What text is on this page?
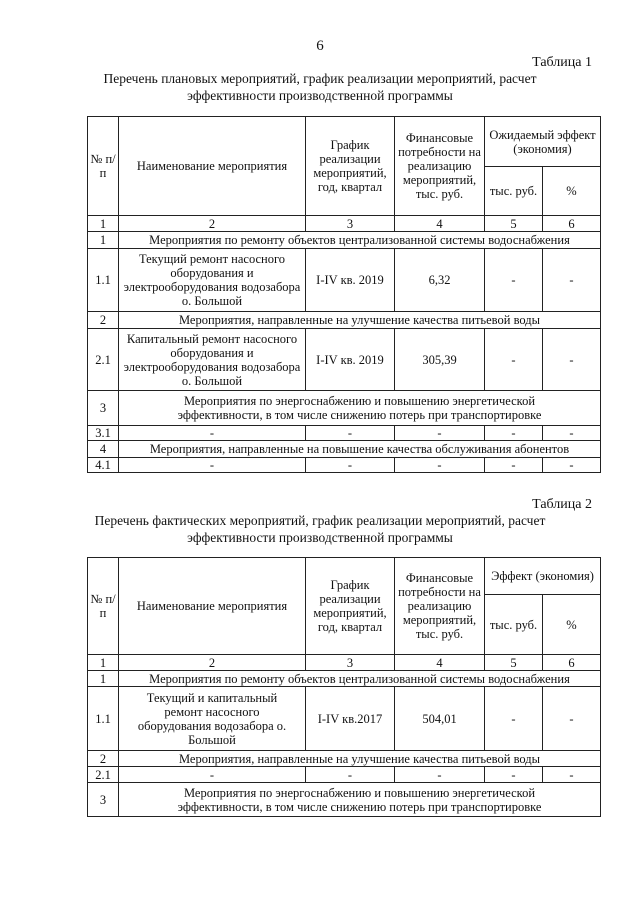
6
Таблица 1
Перечень плановых мероприятий, график реализации мероприятий, расчет эффективности производственной программы
№ п/ п	Наименование мероприятия	График реализации мероприятий, год, квартал	Финансовые потребности на реализацию мероприятий, тыс. руб.	Ожидаемый эффект (экономия)	
				тыс. руб.	%
1	2	3	4	5	6
1	Мероприятия по ремонту объектов централизованной системы водоснабжения				
1.1	Текущий ремонт насосного оборудования и электрооборудования водозабора о. Большой	I-IV кв. 2019	6,32	-	-
2	Мероприятия, направленные на улучшение качества питьевой воды				
2.1	Капитальный ремонт насосного оборудования и электрооборудования водозабора о. Большой	I-IV кв. 2019	305,39	-	-
3	Мероприятия по энергоснабжению и повышению энергетической эффективности, в том числе снижению потерь при транспортировке				
3.1	-	-	-	-	-
4	Мероприятия, направленные на повышение качества обслуживания абонентов				
4.1	-	-	-	-	-
Таблица 2
Перечень фактических мероприятий, график реализации мероприятий, расчет эффективности производственной программы
№ п/ п	Наименование мероприятия	График реализации мероприятий, год, квартал	Финансовые потребности на реализацию мероприятий, тыс. руб.	Эффект (экономия)	
				тыс. руб.	%
1	2	3	4	5	6
1	Мероприятия по ремонту объектов централизованной системы водоснабжения				
1.1	Текущий и капитальный ремонт насосного оборудования водозабора о. Большой	I-IV кв.2017	504,01	-	-
2	Мероприятия, направленные на улучшение качества питьевой воды				
2.1	-	-	-	-	-
3	Мероприятия по энергоснабжению и повышению энергетической эффективности, в том числе снижению потерь при транспортировке				
